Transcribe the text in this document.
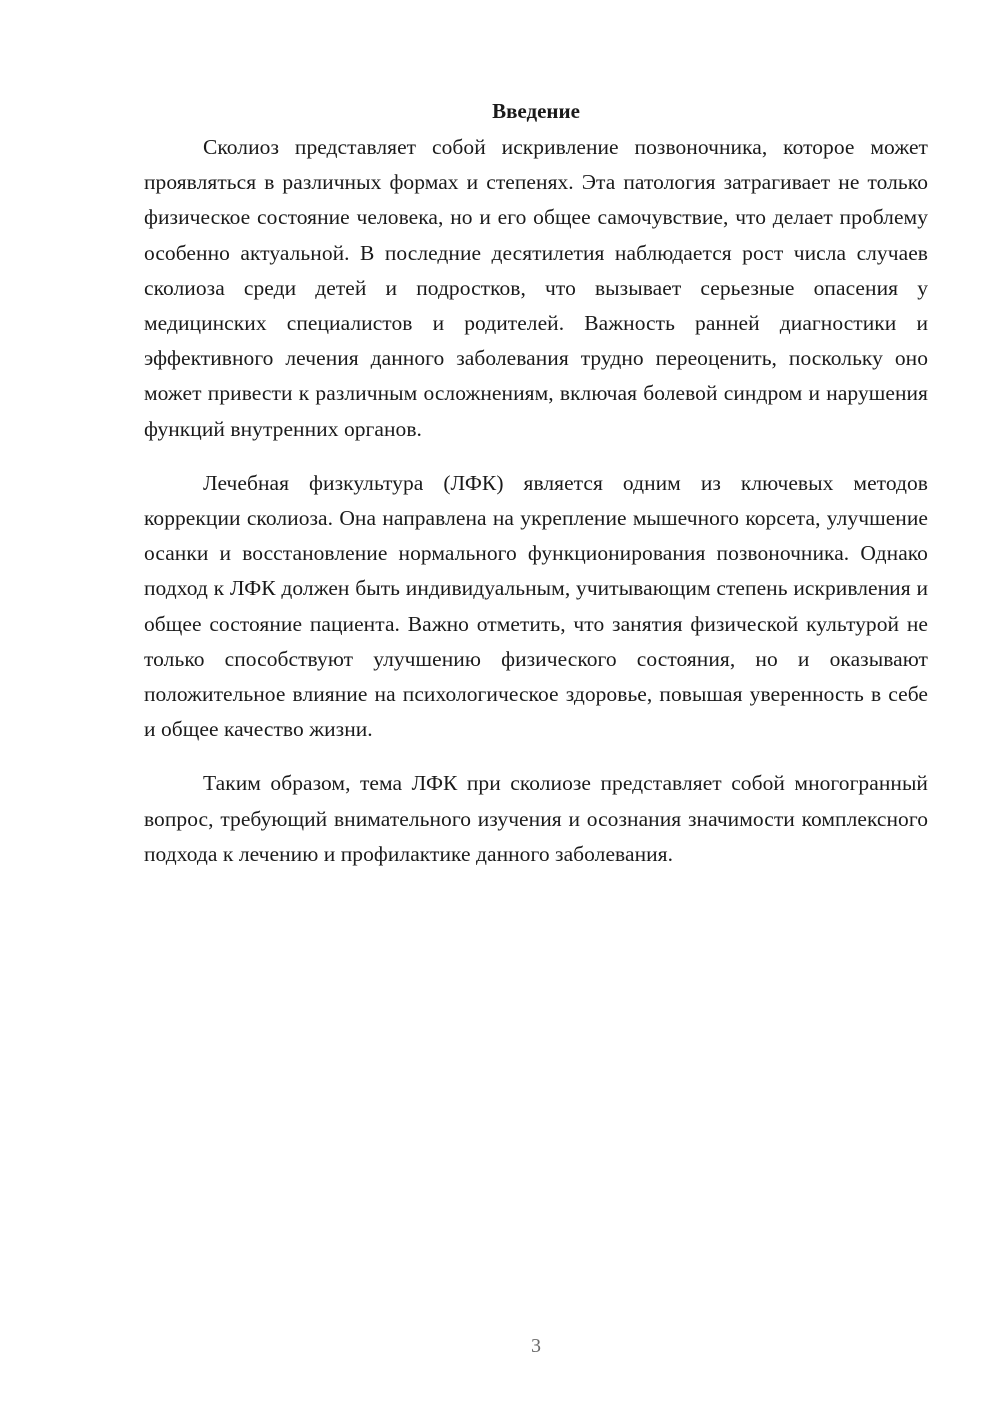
Введение

Сколиоз представляет собой искривление позвоночника, которое может проявляться в различных формах и степенях. Эта патология затрагивает не только физическое состояние человека, но и его общее самочувствие, что делает проблему особенно актуальной. В последние десятилетия наблюдается рост числа случаев сколиоза среди детей и подростков, что вызывает серьезные опасения у медицинских специалистов и родителей. Важность ранней диагностики и эффективного лечения данного заболевания трудно переоценить, поскольку оно может привести к различным осложнениям, включая болевой синдром и нарушения функций внутренних органов.

Лечебная физкультура (ЛФК) является одним из ключевых методов коррекции сколиоза. Она направлена на укрепление мышечного корсета, улучшение осанки и восстановление нормального функционирования позвоночника. Однако подход к ЛФК должен быть индивидуальным, учитывающим степень искривления и общее состояние пациента. Важно отметить, что занятия физической культурой не только способствуют улучшению физического состояния, но и оказывают положительное влияние на психологическое здоровье, повышая уверенность в себе и общее качество жизни.

Таким образом, тема ЛФК при сколиозе представляет собой многогранный вопрос, требующий внимательного изучения и осознания значимости комплексного подхода к лечению и профилактике данного заболевания.

3
